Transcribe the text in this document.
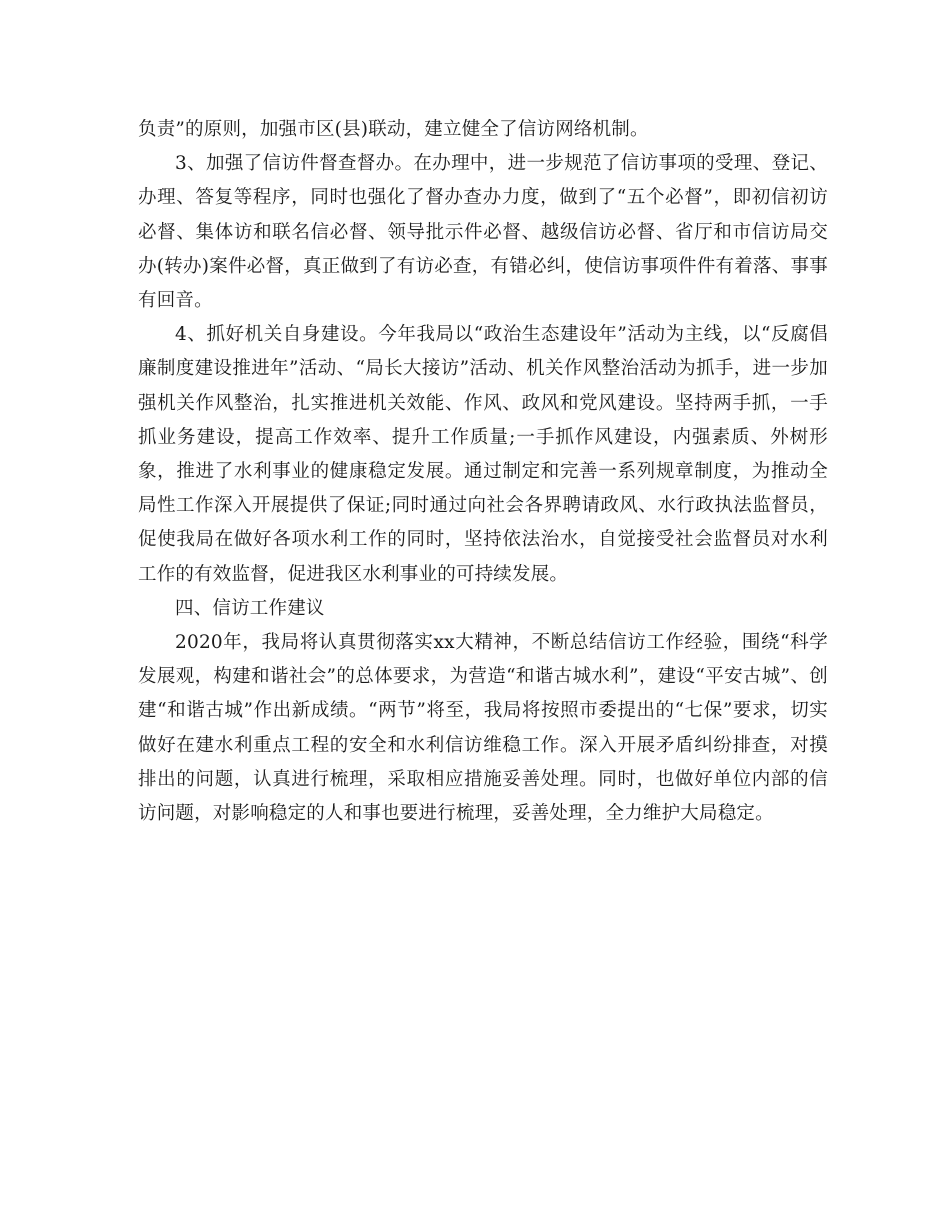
负责”的原则，加强市区(县)联动，建立健全了信访网络机制。

3、加强了信访件督查督办。在办理中，进一步规范了信访事项的受理、登记、办理、答复等程序，同时也强化了督办查办力度，做到了“五个必督”，即初信初访必督、集体访和联名信必督、领导批示件必督、越级信访必督、省厅和市信访局交办(转办)案件必督，真正做到了有访必查，有错必纠，使信访事项件件有着落、事事有回音。

4、抓好机关自身建设。今年我局以“政治生态建设年”活动为主线，以“反腐倡廉制度建设推进年”活动、“局长大接访”活动、机关作风整治活动为抓手，进一步加强机关作风整治，扎实推进机关效能、作风、政风和党风建设。坚持两手抓，一手抓业务建设，提高工作效率、提升工作质量;一手抓作风建设，内强素质、外树形象，推进了水利事业的健康稳定发展。通过制定和完善一系列规章制度，为推动全局性工作深入开展提供了保证;同时通过向社会各界聘请政风、水行政执法监督员，促使我局在做好各项水利工作的同时，坚持依法治水，自觉接受社会监督员对水利工作的有效监督，促进我区水利事业的可持续发展。

四、信访工作建议

2020年，我局将认真贯彻落实xx大精神，不断总结信访工作经验，围绕“科学发展观，构建和谐社会”的总体要求，为营造“和谐古城水利”，建设“平安古城”、创建“和谐古城”作出新成绩。“两节”将至，我局将按照市委提出的“七保”要求，切实做好在建水利重点工程的安全和水利信访维稳工作。深入开展矛盾纠纷排查，对摸排出的问题，认真进行梳理，采取相应措施妥善处理。同时，也做好单位内部的信访问题，对影响稳定的人和事也要进行梳理，妥善处理，全力维护大局稳定。
